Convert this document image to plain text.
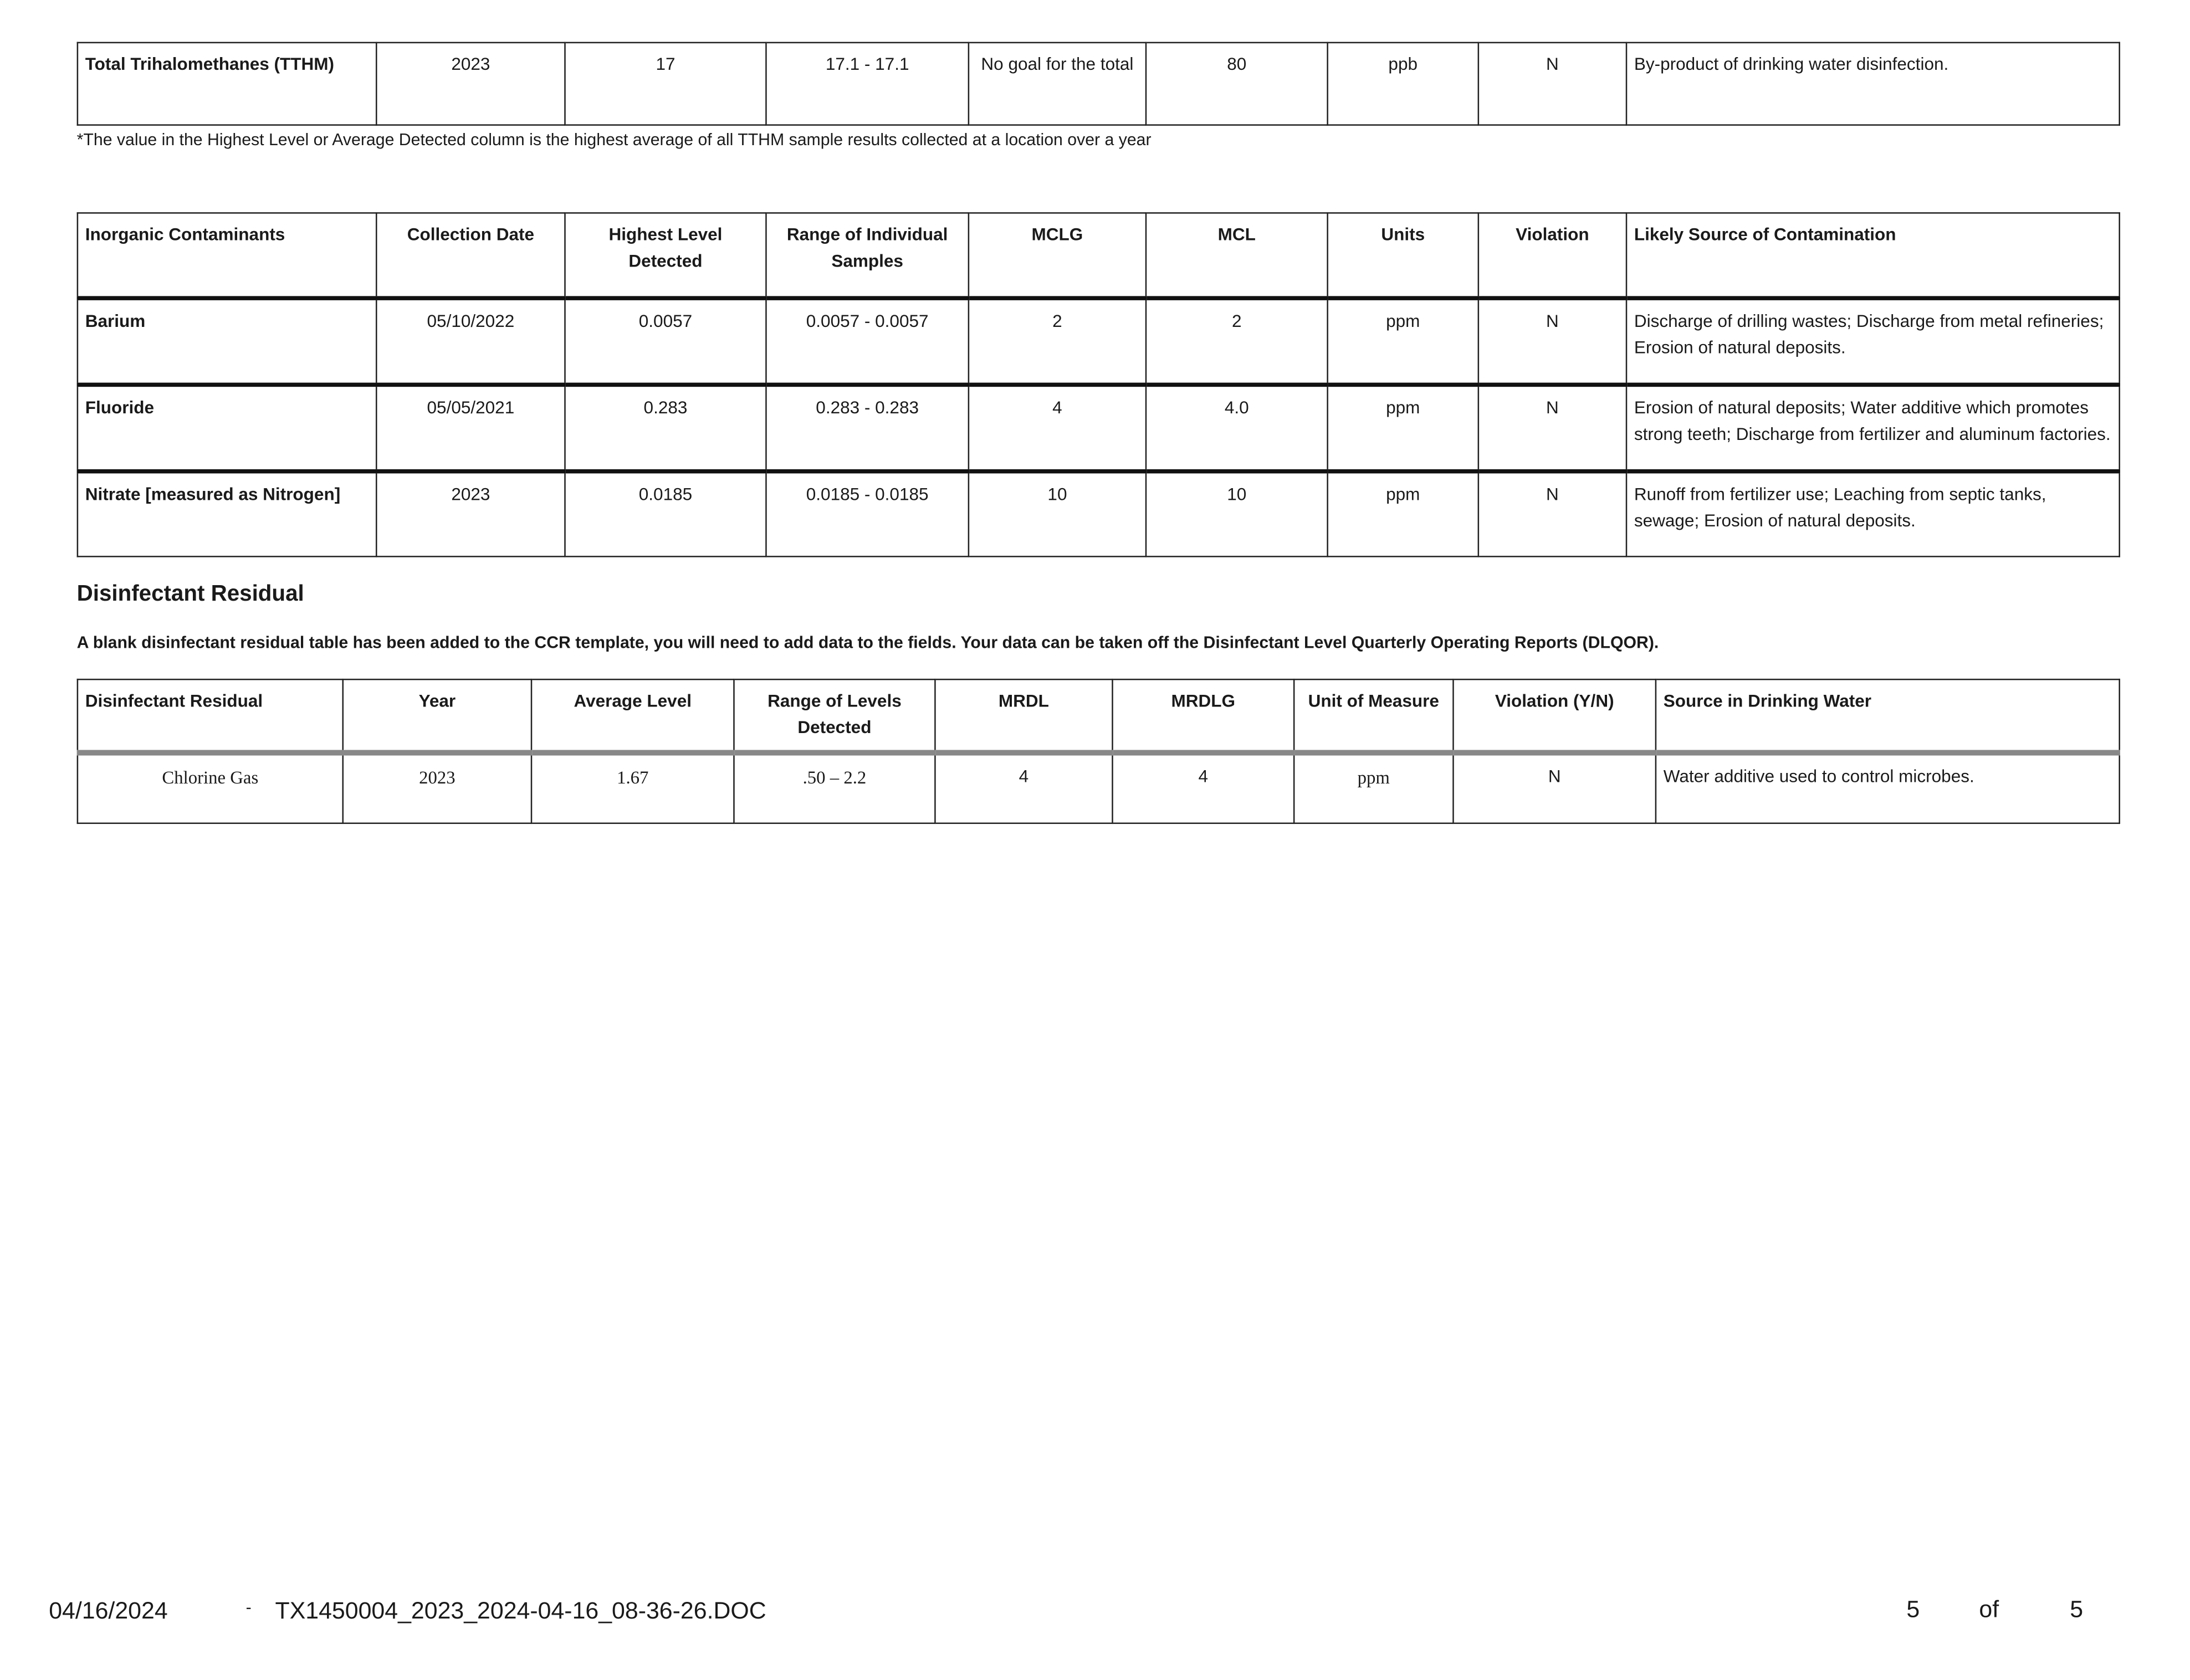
Total Trihalomethanes (TTHM)	2023	17	17.1 - 17.1	No goal for the total	80	ppb	N	By-product of drinking water disinfection.
*The value in the Highest Level or Average Detected column is the highest average of all TTHM sample results collected at a location over a year
Inorganic Contaminants	Collection Date	Highest Level Detected	Range of Individual Samples	MCLG	MCL	Units	Violation	Likely Source of Contamination
Barium	05/10/2022	0.0057	0.0057 - 0.0057	2	2	ppm	N	Discharge of drilling wastes; Discharge from metal refineries; Erosion of natural deposits.
Fluoride	05/05/2021	0.283	0.283 - 0.283	4	4.0	ppm	N	Erosion of natural deposits; Water additive which promotes strong teeth; Discharge from fertilizer and aluminum factories.
Nitrate [measured as Nitrogen]	2023	0.0185	0.0185 - 0.0185	10	10	ppm	N	Runoff from fertilizer use; Leaching from septic tanks, sewage; Erosion of natural deposits.
Disinfectant Residual
A blank disinfectant residual table has been added to the CCR template, you will need to add data to the fields. Your data can be taken off the Disinfectant Level Quarterly Operating Reports (DLQOR).
Disinfectant Residual	Year	Average Level	Range of Levels Detected	MRDL	MRDLG	Unit of Measure	Violation (Y/N)	Source in Drinking Water
Chlorine Gas	2023	1.67	.50 – 2.2	4	4	ppm	N	Water additive used to control microbes.
04/16/2024	-	TX1450004_2023_2024-04-16_08-36-26.DOC	5	of	5
